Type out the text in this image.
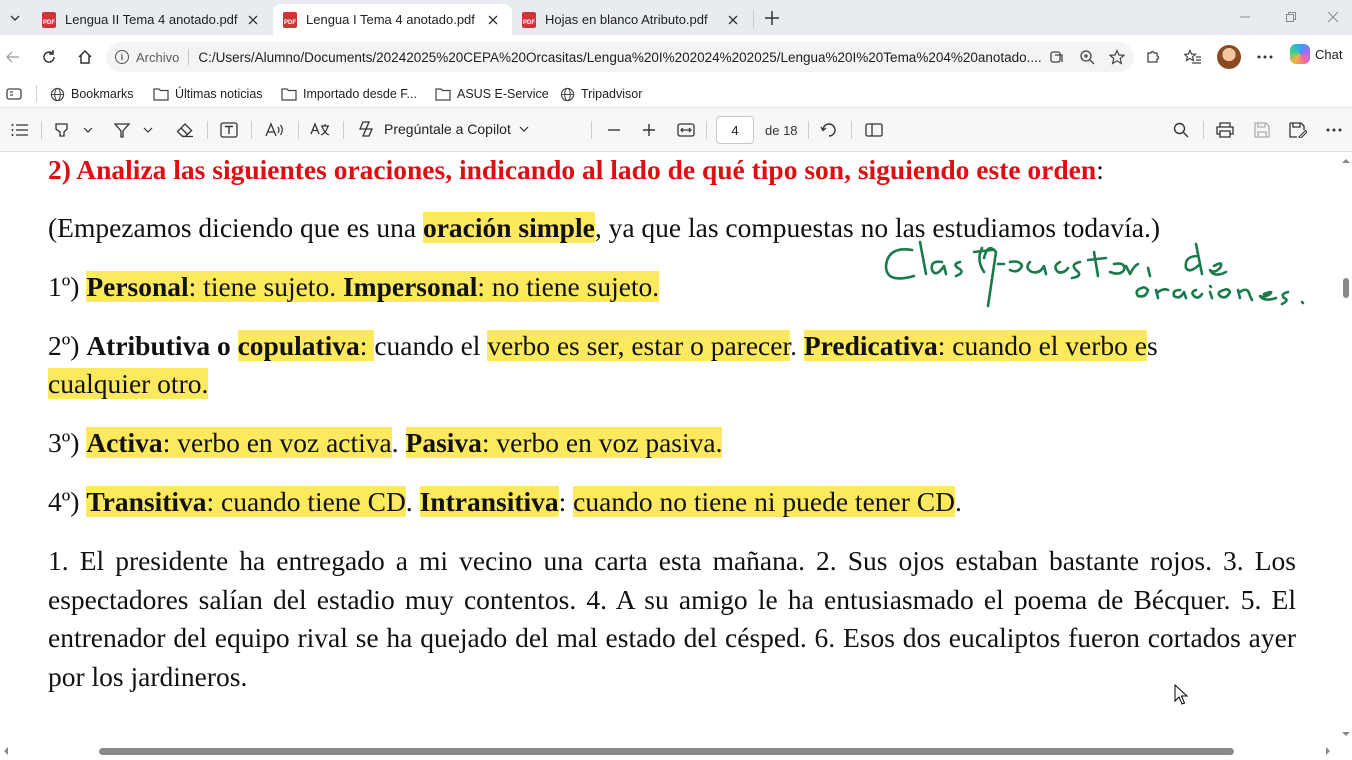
PDF Lengua II Tema 4 anotado.pdf	PDF Lengua I Tema 4 anotado.pdf	PDF Hojas en blanco Atributo.pdf
i Archivo C:/Users/Alumno/Documents/20242025%20CEPA%20Orcasitas/Lengua%20I%202024%202025/Lengua%20I%20Tema%204%20anotado....	Chat
Bookmarks	Últimas noticias	Importado desde F...	ASUS E-Service	Tripadvisor
Pregúntale a Copilot	4	de 18
2) Analiza las siguientes oraciones, indicando al lado de qué tipo son, siguiendo este orden:
(Empezamos diciendo que es una oración simple, ya que las compuestas no las estudiamos todavía.)
1º) Personal: tiene sujeto. Impersonal: no tiene sujeto.
2º) Atributiva o copulativa: cuando el verbo es ser, estar o parecer. Predicativa: cuando el verbo es
cualquier otro.
3º) Activa: verbo en voz activa. Pasiva: verbo en voz pasiva.
4º) Transitiva: cuando tiene CD. Intransitiva: cuando no tiene ni puede tener CD.
1. El presidente ha entregado a mi vecino una carta esta mañana. 2. Sus ojos estaban bastante rojos. 3. Los espectadores salían del estadio muy contentos. 4. A su amigo le ha entusiasmado el poema de Bécquer. 5. El entrenador del equipo rival se ha quejado del mal estado del césped. 6. Esos dos eucaliptos fueron cortados ayer por los jardineros.
